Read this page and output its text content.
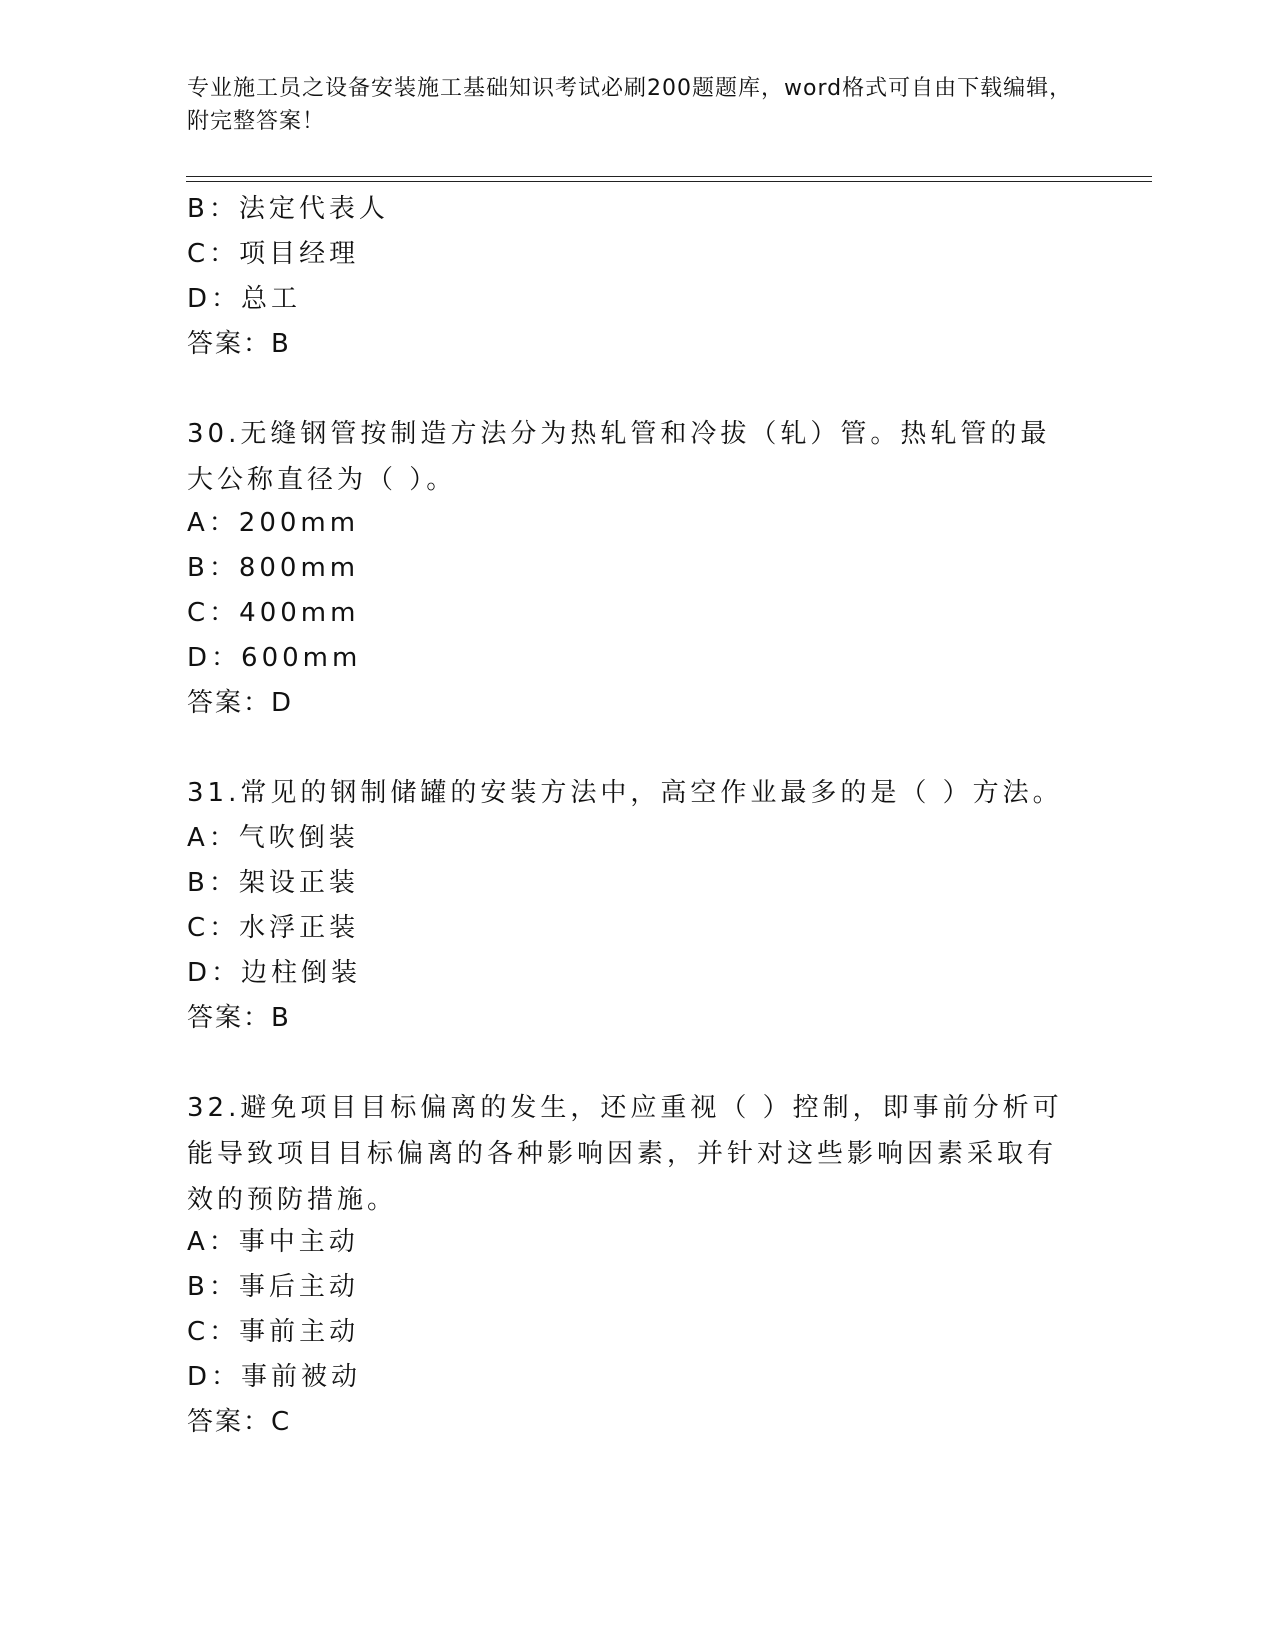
专业施工员之设备安装施工基础知识考试必刷200题题库，word格式可自由下载编辑，附完整答案！
B：法定代表人
C：项目经理
D：总工
答案：B
30.无缝钢管按制造方法分为热轧管和冷拔（轧）管。热轧管的最大公称直径为（ ）。
A：200mm
B：800mm
C：400mm
D：600mm
答案：D
31.常见的钢制储罐的安装方法中，高空作业最多的是（ ）方法。
A：气吹倒装
B：架设正装
C：水浮正装
D：边柱倒装
答案：B
32.避免项目目标偏离的发生，还应重视（ ）控制，即事前分析可能导致项目目标偏离的各种影响因素，并针对这些影响因素采取有效的预防措施。
A：事中主动
B：事后主动
C：事前主动
D：事前被动
答案：C
